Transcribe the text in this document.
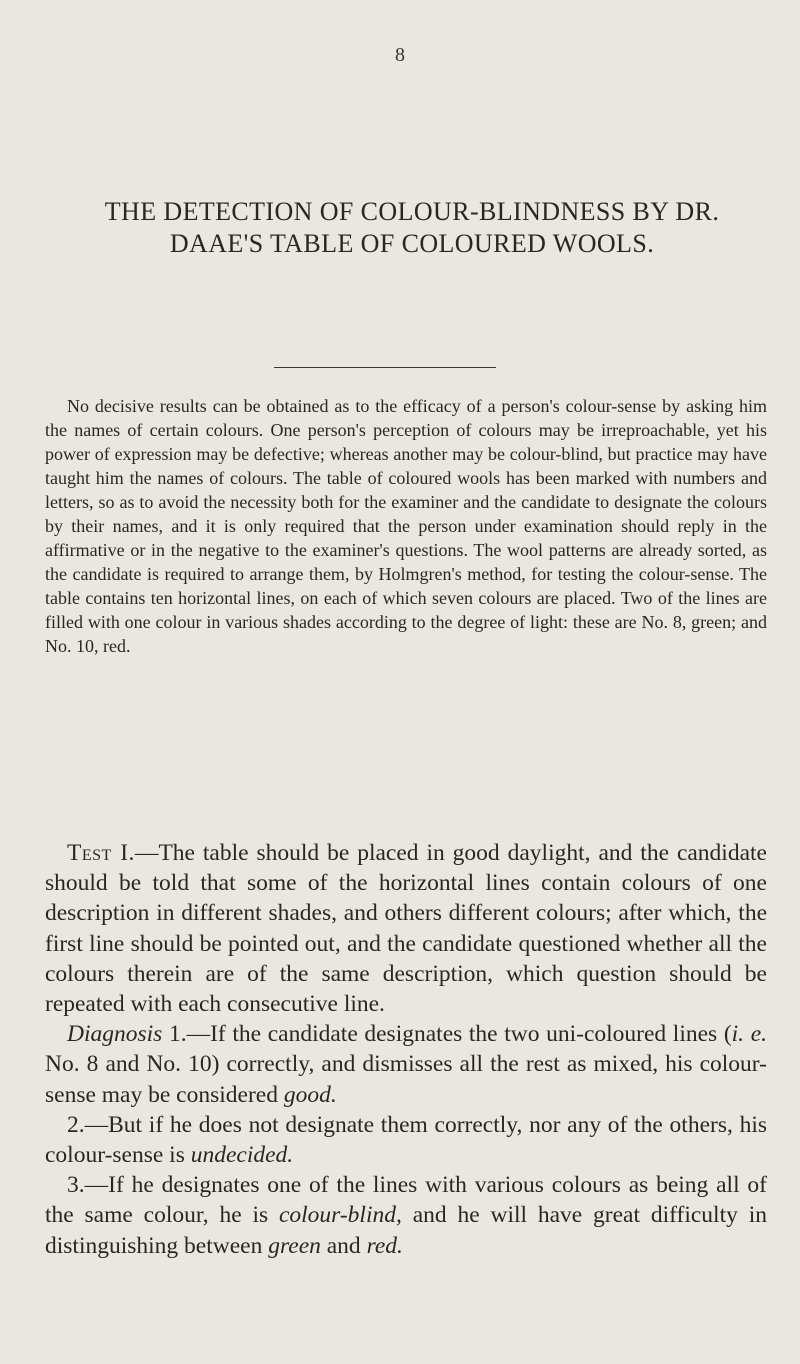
8
THE DETECTION OF COLOUR-BLINDNESS BY DR.
DAAE'S TABLE OF COLOURED WOOLS.

No decisive results can be obtained as to the efficacy of a person's colour-sense by asking him the names of certain colours. One person's perception of colours may be irreproachable, yet his power of expression may be defective; whereas another may be colour-blind, but practice may have taught him the names of colours. The table of coloured wools has been marked with numbers and letters, so as to avoid the necessity both for the examiner and the candidate to designate the colours by their names, and it is only required that the person under examination should reply in the affirmative or in the negative to the examiner's questions. The wool patterns are already sorted, as the candidate is required to arrange them, by Holmgren's method, for testing the colour-sense. The table contains ten horizontal lines, on each of which seven colours are placed. Two of the lines are filled with one colour in various shades according to the degree of light: these are No. 8, green; and No. 10, red.

Test I.—The table should be placed in good daylight, and the candidate should be told that some of the horizontal lines contain colours of one description in different shades, and others different colours; after which, the first line should be pointed out, and the candidate questioned whether all the colours therein are of the same description, which question should be repeated with each consecutive line.

Diagnosis 1.—If the candidate designates the two uni-coloured lines (i. e. No. 8 and No. 10) correctly, and dismisses all the rest as mixed, his colour-sense may be considered good.

2.—But if he does not designate them correctly, nor any of the others, his colour-sense is undecided.

3.—If he designates one of the lines with various colours as being all of the same colour, he is colour-blind, and he will have great difficulty in distinguishing between green and red.
